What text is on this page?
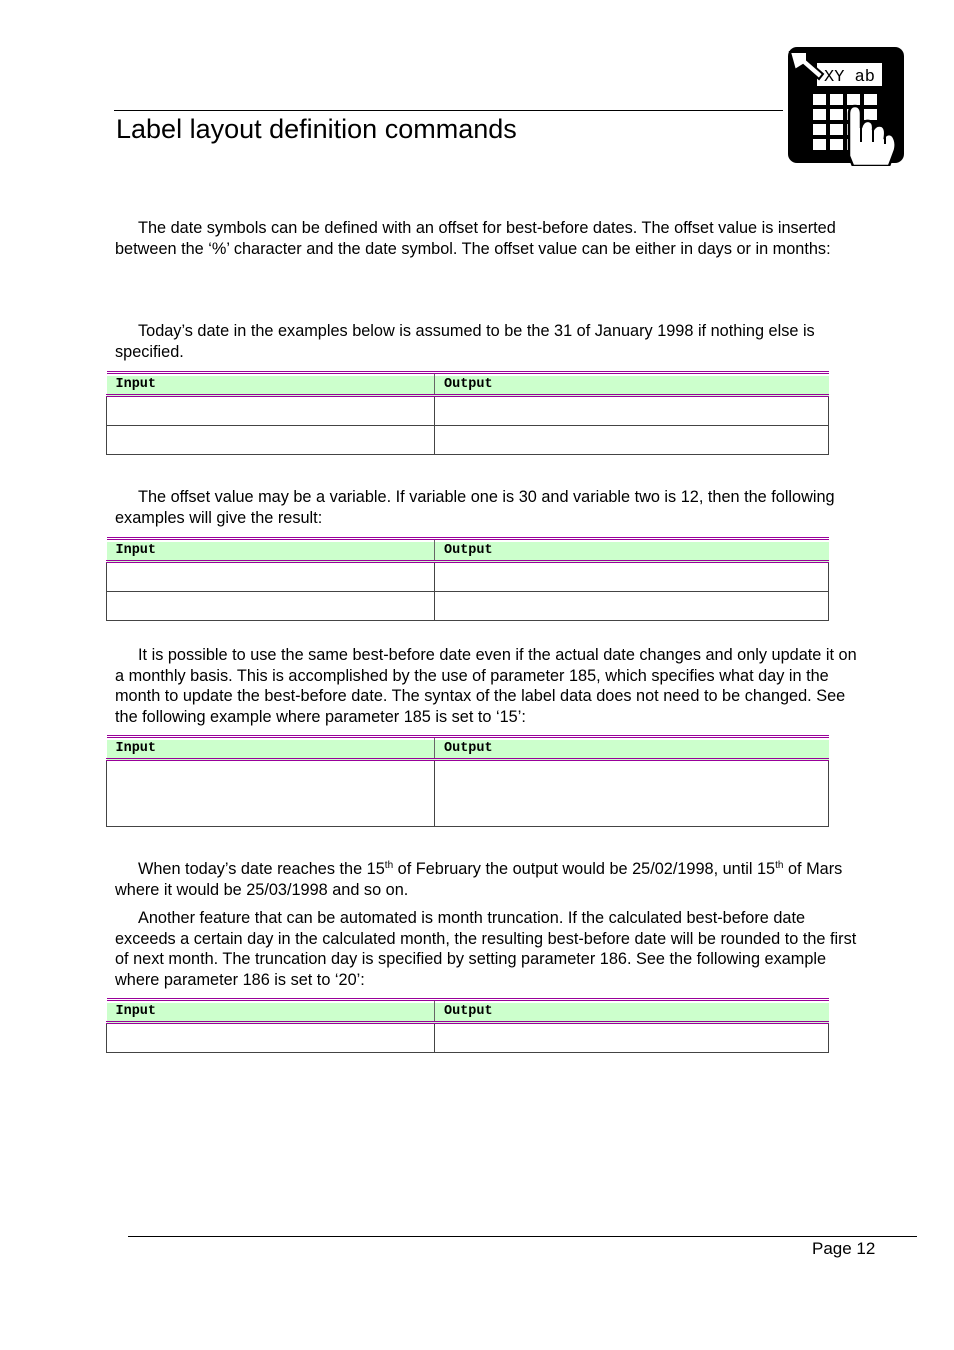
Label layout definition commands
XY ab

The date symbols can be defined with an offset for best-before dates. The offset value is inserted between the ‘%’ character and the date symbol. The offset value can be either in days or in months:

Today’s date in the examples below is assumed to be the 31 of January 1998 if nothing else is specified.

Input	Output

The offset value may be a variable. If variable one is 30 and variable two is 12, then the following examples will give the result:

Input	Output

It is possible to use the same best-before date even if the actual date changes and only update it on a monthly basis. This is accomplished by the use of parameter 185, which specifies what day in the month to update the best-before date. The syntax of the label data does not need to be changed. See the following example where parameter 185 is set to ‘15’:

Input	Output

When today’s date reaches the 15th of February the output would be 25/02/1998, until 15th of Mars where it would be 25/03/1998 and so on.

Another feature that can be automated is month truncation. If the calculated best-before date exceeds a certain day in the calculated month, the resulting best-before date will be rounded to the first of next month. The truncation day is specified by setting parameter 186. See the following example where parameter 186 is set to ‘20’:

Input	Output

Page 12
